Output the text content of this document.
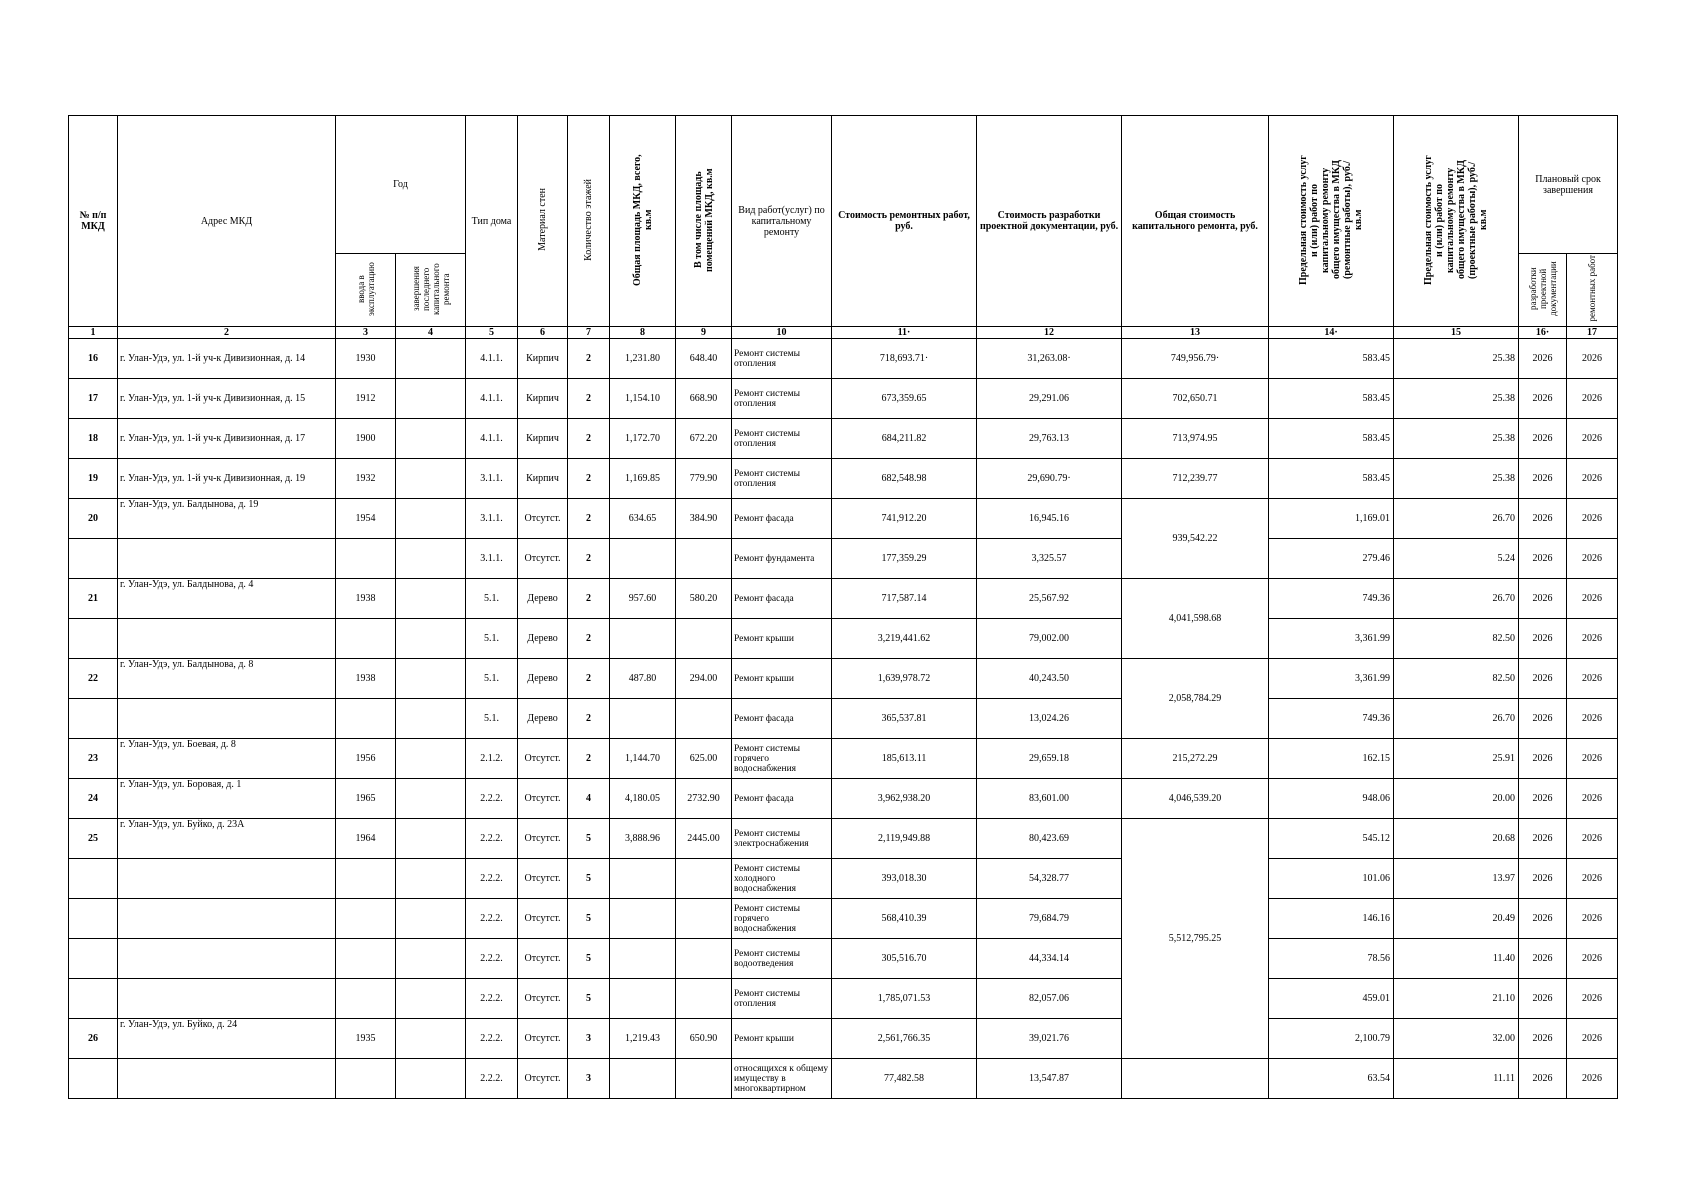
№ п/п МКД	Адрес МКД	Год		Тип дома	Материал стен	Количество этажей	Общая площадь МКД, всего, кв.м	В том числе площадь помещений МКД, кв.м	Вид работ(услуг) по капитальному ремонту	Стоимость ремонтных работ, руб.	Стоимость разработки проектной документации, руб.	Общая стоимость капитального ремонта, руб.	Предельная стоимость услуг и (или) работ по капитальному ремонту общего имущества в МКД (ремонтные работы), руб./кв.м	Предельная стоимость услуг и (или) работ по капитальному ремонту общего имущества в МКД (проектные работы), руб./кв.м	Плановый срок завершения	
		ввода в эксплуатацию	завершения последнего капитального ремонта												разработки проектной документации	ремонтных работ
1	2	3	4	5	6	7	8	9	10	11·	12	13	14·	15	16·	17
16	г. Улан-Удэ, ул. 1-й уч-к Дивизионная, д. 14	1930		4.1.1.	Кирпич	2	1,231.80	648.40	Ремонт системы отопления	718,693.71·	31,263.08·	749,956.79·	583.45	25.38	2026	2026
17	г. Улан-Удэ, ул. 1-й уч-к Дивизионная, д. 15	1912		4.1.1.	Кирпич	2	1,154.10	668.90	Ремонт системы отопления	673,359.65	29,291.06	702,650.71	583.45	25.38	2026	2026
18	г. Улан-Удэ, ул. 1-й уч-к Дивизионная, д. 17	1900		4.1.1.	Кирпич	2	1,172.70	672.20	Ремонт системы отопления	684,211.82	29,763.13	713,974.95	583.45	25.38	2026	2026
19	г. Улан-Удэ, ул. 1-й уч-к Дивизионная, д. 19	1932		3.1.1.	Кирпич	2	1,169.85	779.90	Ремонт системы отопления	682,548.98	29,690.79·	712,239.77	583.45	25.38	2026	2026
20	г. Улан-Удэ, ул. Балдынова, д. 19	1954		3.1.1.	Отсутст.	2	634.65	384.90	Ремонт фасада	741,912.20	16,945.16	939,542.22	1,169.01	26.70	2026	2026
				3.1.1.	Отсутст.	2			Ремонт фундамента	177,359.29	3,325.57		279.46	5.24	2026	2026
21	г. Улан-Удэ, ул. Балдынова, д. 4	1938		5.1.	Дерево	2	957.60	580.20	Ремонт фасада	717,587.14	25,567.92	4,041,598.68	749.36	26.70	2026	2026
				5.1.	Дерево	2			Ремонт крыши	3,219,441.62	79,002.00		3,361.99	82.50	2026	2026
22	г. Улан-Удэ, ул. Балдынова, д. 8	1938		5.1.	Дерево	2	487.80	294.00	Ремонт крыши	1,639,978.72	40,243.50	2,058,784.29	3,361.99	82.50	2026	2026
				5.1.	Дерево	2			Ремонт фасада	365,537.81	13,024.26		749.36	26.70	2026	2026
23	г. Улан-Удэ, ул. Боевая, д. 8	1956		2.1.2.	Отсутст.	2	1,144.70	625.00	Ремонт системы горячего водоснабжения	185,613.11	29,659.18	215,272.29	162.15	25.91	2026	2026
24	г. Улан-Удэ, ул. Боровая, д. 1	1965		2.2.2.	Отсутст.	4	4,180.05	2732.90	Ремонт фасада	3,962,938.20	83,601.00	4,046,539.20	948.06	20.00	2026	2026
25	г. Улан-Удэ, ул. Буйко, д. 23А	1964		2.2.2.	Отсутст.	5	3,888.96	2445.00	Ремонт системы электроснабжения	2,119,949.88	80,423.69	5,512,795.25	545.12	20.68	2026	2026
				2.2.2.	Отсутст.	5			Ремонт системы холодного водоснабжения	393,018.30	54,328.77		101.06	13.97	2026	2026
				2.2.2.	Отсутст.	5			Ремонт системы горячего водоснабжения	568,410.39	79,684.79		146.16	20.49	2026	2026
				2.2.2.	Отсутст.	5			Ремонт системы водоотведения	305,516.70	44,334.14		78.56	11.40	2026	2026
				2.2.2.	Отсутст.	5			Ремонт системы отопления	1,785,071.53	82,057.06		459.01	21.10	2026	2026
26	г. Улан-Удэ, ул. Буйко, д. 24	1935		2.2.2.	Отсутст.	3	1,219.43	650.90	Ремонт крыши	2,561,766.35	39,021.76		2,100.79	32.00	2026	2026
				2.2.2.	Отсутст.	3			относящихся к общему имуществу в многоквартирном	77,482.58	13,547.87		63.54	11.11	2026	2026
